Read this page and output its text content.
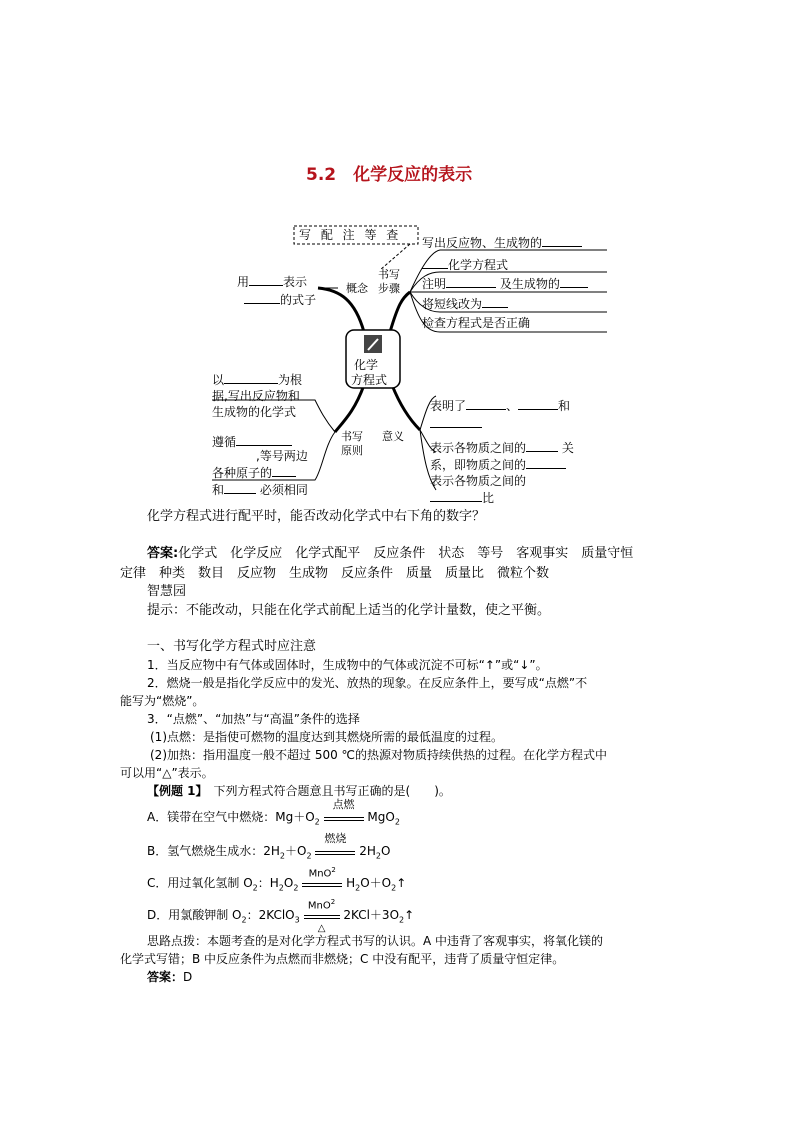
5.2　化学反应的表示
写 配 注 等 查
书写
步骤
概念
用	表示
的式子
化学
方程式
写出反应物、生成物的
化学方程式
注明	及生成物的
将短线改为
检查方程式是否正确
以	为根
据,写出反应物和
生成物的化学式
遵循
,等号两边
各种原子的
和	必须相同
书写
原则
意义
表明了	、	和
表示各物质之间的	关
系，即物质之间的
表示各物质之间的
比
化学方程式进行配平时，能否改动化学式中右下角的数字？
答案:化学式　化学反应　化学式配平　反应条件　状态　等号　客观事实　质量守恒
定律　种类　数目　反应物　生成物　反应条件　质量　质量比　微粒个数
智慧园
提示：不能改动，只能在化学式前配上适当的化学计量数，使之平衡。
一、书写化学方程式时应注意
1．当反应物中有气体或固体时，生成物中的气体或沉淀不可标“↑”或“↓”。
2．燃烧一般是指化学反应中的发光、放热的现象。在反应条件上，要写成“点燃”不
能写为“燃烧”。
3．“点燃”、“加热”与“高温”条件的选择
(1)点燃：是指使可燃物的温度达到其燃烧所需的最低温度的过程。
(2)加热：指用温度一般不超过 500 ℃的热源对物质持续供热的过程。在化学方程式中
可以用“△”表示。
【例题 1】　 下列方程式符合题意且书写正确的是(　　)。
A．镁带在空气中燃烧：$Mg+O_2$
点燃
MgO$_2$
B．氢气燃烧生成水：$2H_2+O_2$
燃烧
$2H_2O$
C．用过氧化氢制 $O_2$：$H_2O_2$
MnO$^2$
$H_2O+O_2↑$
D．用氯酸钾制 $O_2$：2KClO$_3$
MnO$^2$
△
$2KCl+3O_2↑$
思路点拨：本题考查的是对化学方程式书写的认识。A 中违背了客观事实，将氧化镁的
化学式写错；B 中反应条件为点燃而非燃烧；C 中没有配平，违背了质量守恒定律。
答案：D
